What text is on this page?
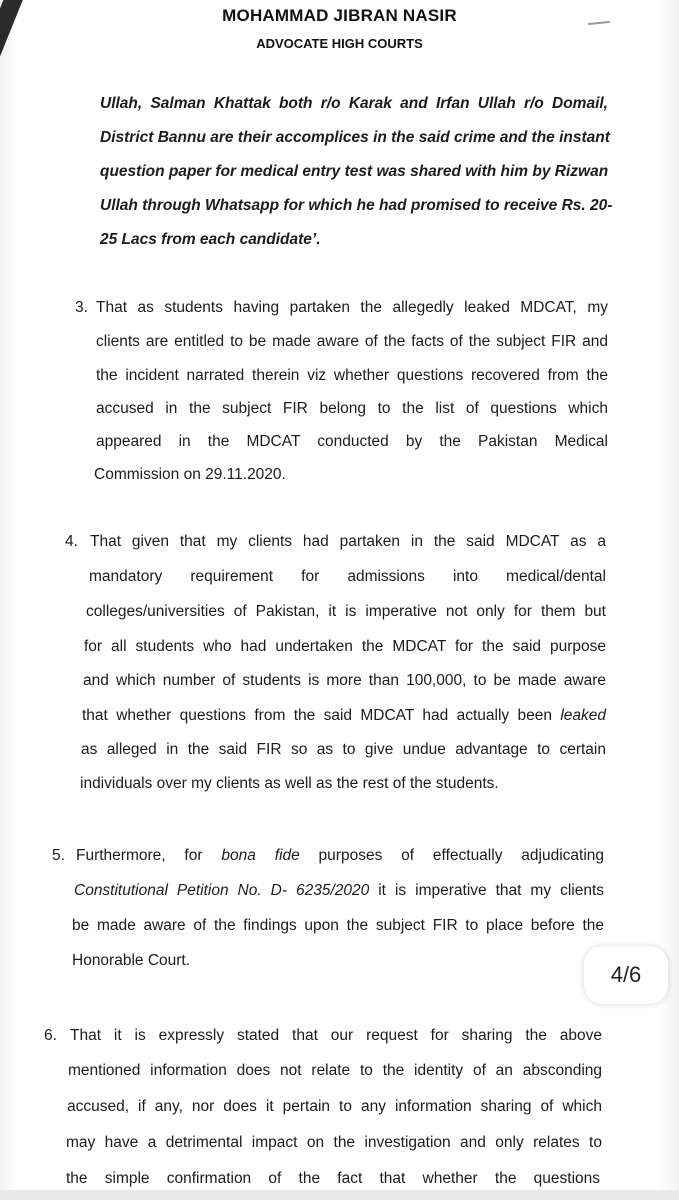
MOHAMMAD JIBRAN NASIR
ADVOCATE HIGH COURTS
Ullah, Salman Khattak both r/o Karak and Irfan Ullah r/o Domail,
District Bannu are their accomplices in the said crime and the instant
question paper for medical entry test was shared with him by Rizwan
Ullah through Whatsapp for which he had promised to receive Rs. 20-
25 Lacs from each candidate’.
3. That as students having partaken the allegedly leaked MDCAT, my
clients are entitled to be made aware of the facts of the subject FIR and
the incident narrated therein viz whether questions recovered from the
accused in the subject FIR belong to the list of questions which
appeared in the MDCAT conducted by the Pakistan Medical
Commission on 29.11.2020.
4. That given that my clients had partaken in the said MDCAT as a
mandatory requirement for admissions into medical/dental
colleges/universities of Pakistan, it is imperative not only for them but
for all students who had undertaken the MDCAT for the said purpose
and which number of students is more than 100,000, to be made aware
that whether questions from the said MDCAT had actually been leaked
as alleged in the said FIR so as to give undue advantage to certain
individuals over my clients as well as the rest of the students.
5. Furthermore, for bona fide purposes of effectually adjudicating
Constitutional Petition No. D- 6235/2020 it is imperative that my clients
be made aware of the findings upon the subject FIR to place before the
Honorable Court.
4/6
6. That it is expressly stated that our request for sharing the above
mentioned information does not relate to the identity of an absconding
accused, if any, nor does it pertain to any information sharing of which
may have a detrimental impact on the investigation and only relates to
the simple confirmation of the fact that whether the questions
